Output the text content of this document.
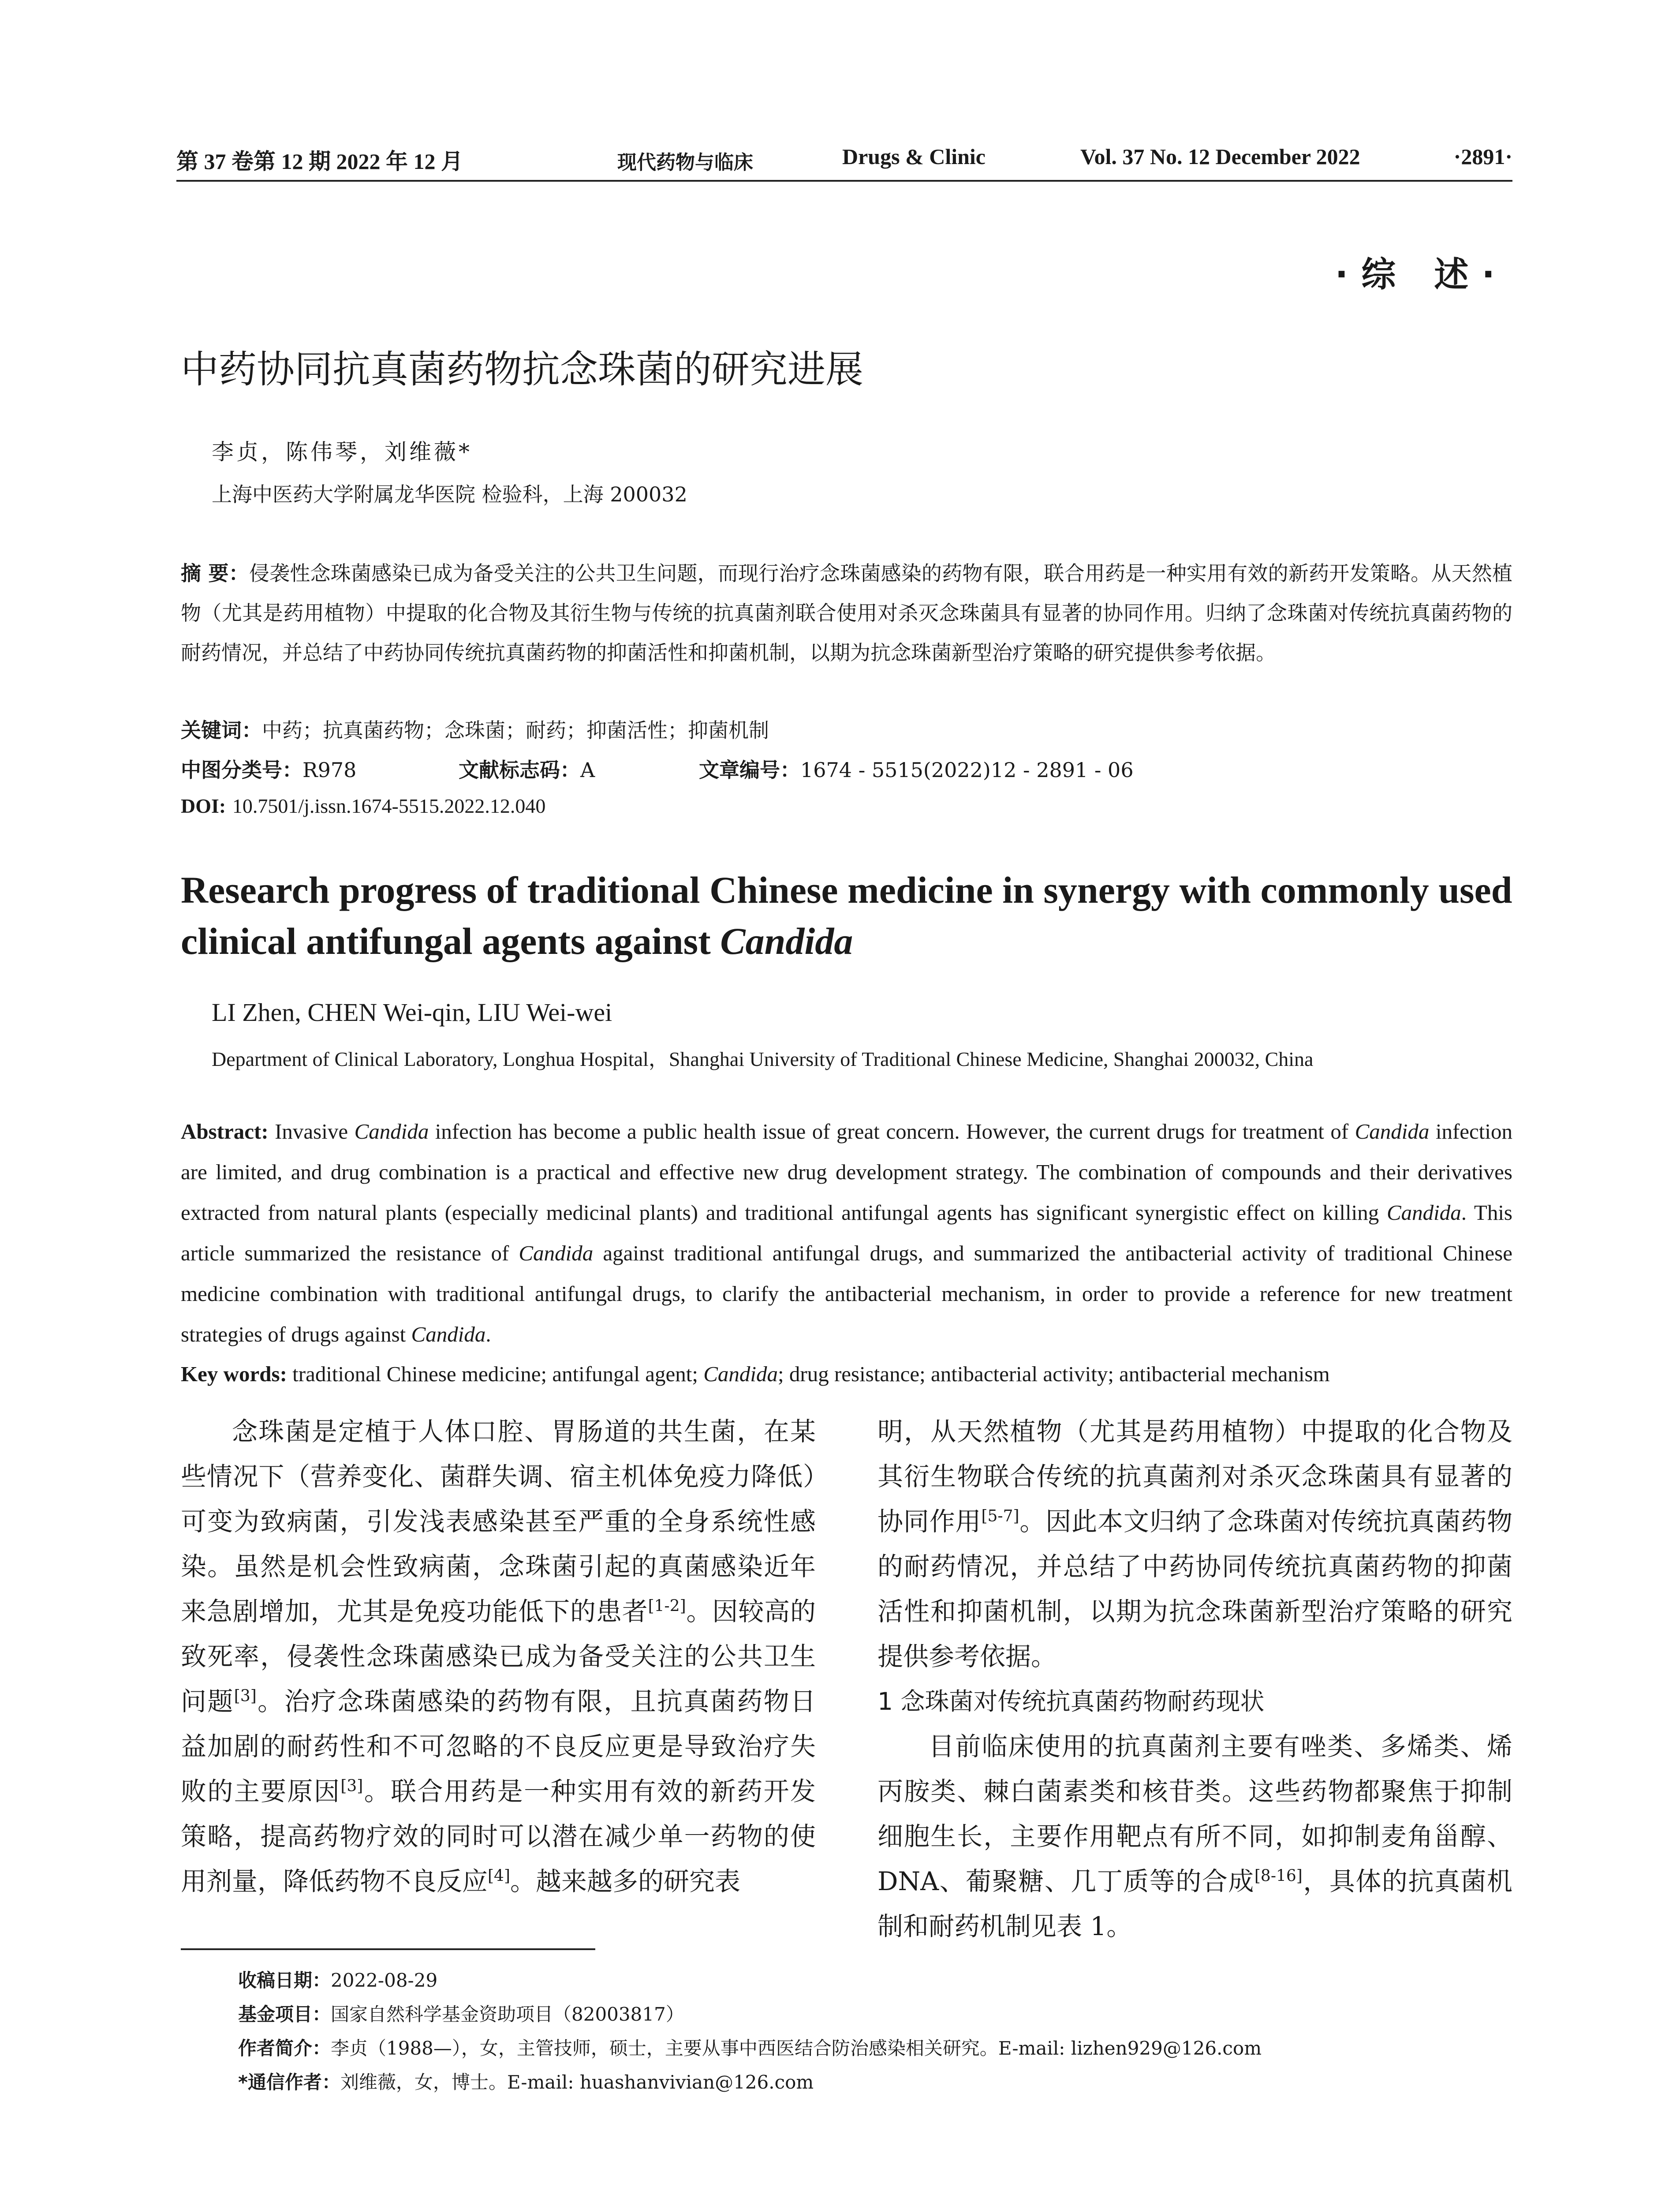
第 37 卷第 12 期 2022 年 12 月	现代药物与临床	Drugs & Clinic	Vol. 37 No. 12 December 2022	·2891·
·综 述·
中药协同抗真菌药物抗念珠菌的研究进展
李贞，陈伟琴，刘维薇*
上海中医药大学附属龙华医院 检验科，上海 200032
摘 要：侵袭性念珠菌感染已成为备受关注的公共卫生问题，而现行治疗念珠菌感染的药物有限，联合用药是一种实用有效的新药开发策略。从天然植物（尤其是药用植物）中提取的化合物及其衍生物与传统的抗真菌剂联合使用对杀灭念珠菌具有显著的协同作用。归纳了念珠菌对传统抗真菌药物的耐药情况，并总结了中药协同传统抗真菌药物的抑菌活性和抑菌机制，以期为抗念珠菌新型治疗策略的研究提供参考依据。
关键词：中药；抗真菌药物；念珠菌；耐药；抑菌活性；抑菌机制
中图分类号：R978	文献标志码：A	文章编号：1674 - 5515(2022)12 - 2891 - 06
DOI: 10.7501/j.issn.1674-5515.2022.12.040
Research progress of traditional Chinese medicine in synergy with commonly used clinical antifungal agents against Candida
LI Zhen, CHEN Wei-qin, LIU Wei-wei
Department of Clinical Laboratory, Longhua Hospital，Shanghai University of Traditional Chinese Medicine, Shanghai 200032, China
Abstract: Invasive Candida infection has become a public health issue of great concern. However, the current drugs for treatment of Candida infection are limited, and drug combination is a practical and effective new drug development strategy. The combination of compounds and their derivatives extracted from natural plants (especially medicinal plants) and traditional antifungal agents has significant synergistic effect on killing Candida. This article summarized the resistance of Candida against traditional antifungal drugs, and summarized the antibacterial activity of traditional Chinese medicine combination with traditional antifungal drugs, to clarify the antibacterial mechanism, in order to provide a reference for new treatment strategies of drugs against Candida.
Key words: traditional Chinese medicine; antifungal agent; Candida; drug resistance; antibacterial activity; antibacterial mechanism

念珠菌是定植于人体口腔、胃肠道的共生菌，在某些情况下（营养变化、菌群失调、宿主机体免疫力降低）可变为致病菌，引发浅表感染甚至严重的全身系统性感染。虽然是机会性致病菌，念珠菌引起的真菌感染近年来急剧增加，尤其是免疫功能低下的患者[1-2]。因较高的致死率，侵袭性念珠菌感染已成为备受关注的公共卫生问题[3]。治疗念珠菌感染的药物有限，且抗真菌药物日益加剧的耐药性和不可忽略的不良反应更是导致治疗失败的主要原因[3]。联合用药是一种实用有效的新药开发策略，提高药物疗效的同时可以潜在减少单一药物的使用剂量，降低药物不良反应[4]。越来越多的研究表

明，从天然植物（尤其是药用植物）中提取的化合物及其衍生物联合传统的抗真菌剂对杀灭念珠菌具有显著的协同作用[5-7]。因此本文归纳了念珠菌对传统抗真菌药物的耐药情况，并总结了中药协同传统抗真菌药物的抑菌活性和抑菌机制，以期为抗念珠菌新型治疗策略的研究提供参考依据。

1 念珠菌对传统抗真菌药物耐药现状

目前临床使用的抗真菌剂主要有唑类、多烯类、烯丙胺类、棘白菌素类和核苷类。这些药物都聚焦于抑制细胞生长，主要作用靶点有所不同，如抑制麦角甾醇、DNA、葡聚糖、几丁质等的合成[8-16]，具体的抗真菌机制和耐药机制见表 1。

收稿日期：2022-08-29
基金项目：国家自然科学基金资助项目（82003817）
作者简介：李贞（1988—），女，主管技师，硕士，主要从事中西医结合防治感染相关研究。E-mail: lizhen929@126.com
*通信作者：刘维薇，女，博士。E-mail: huashanvivian@126.com
